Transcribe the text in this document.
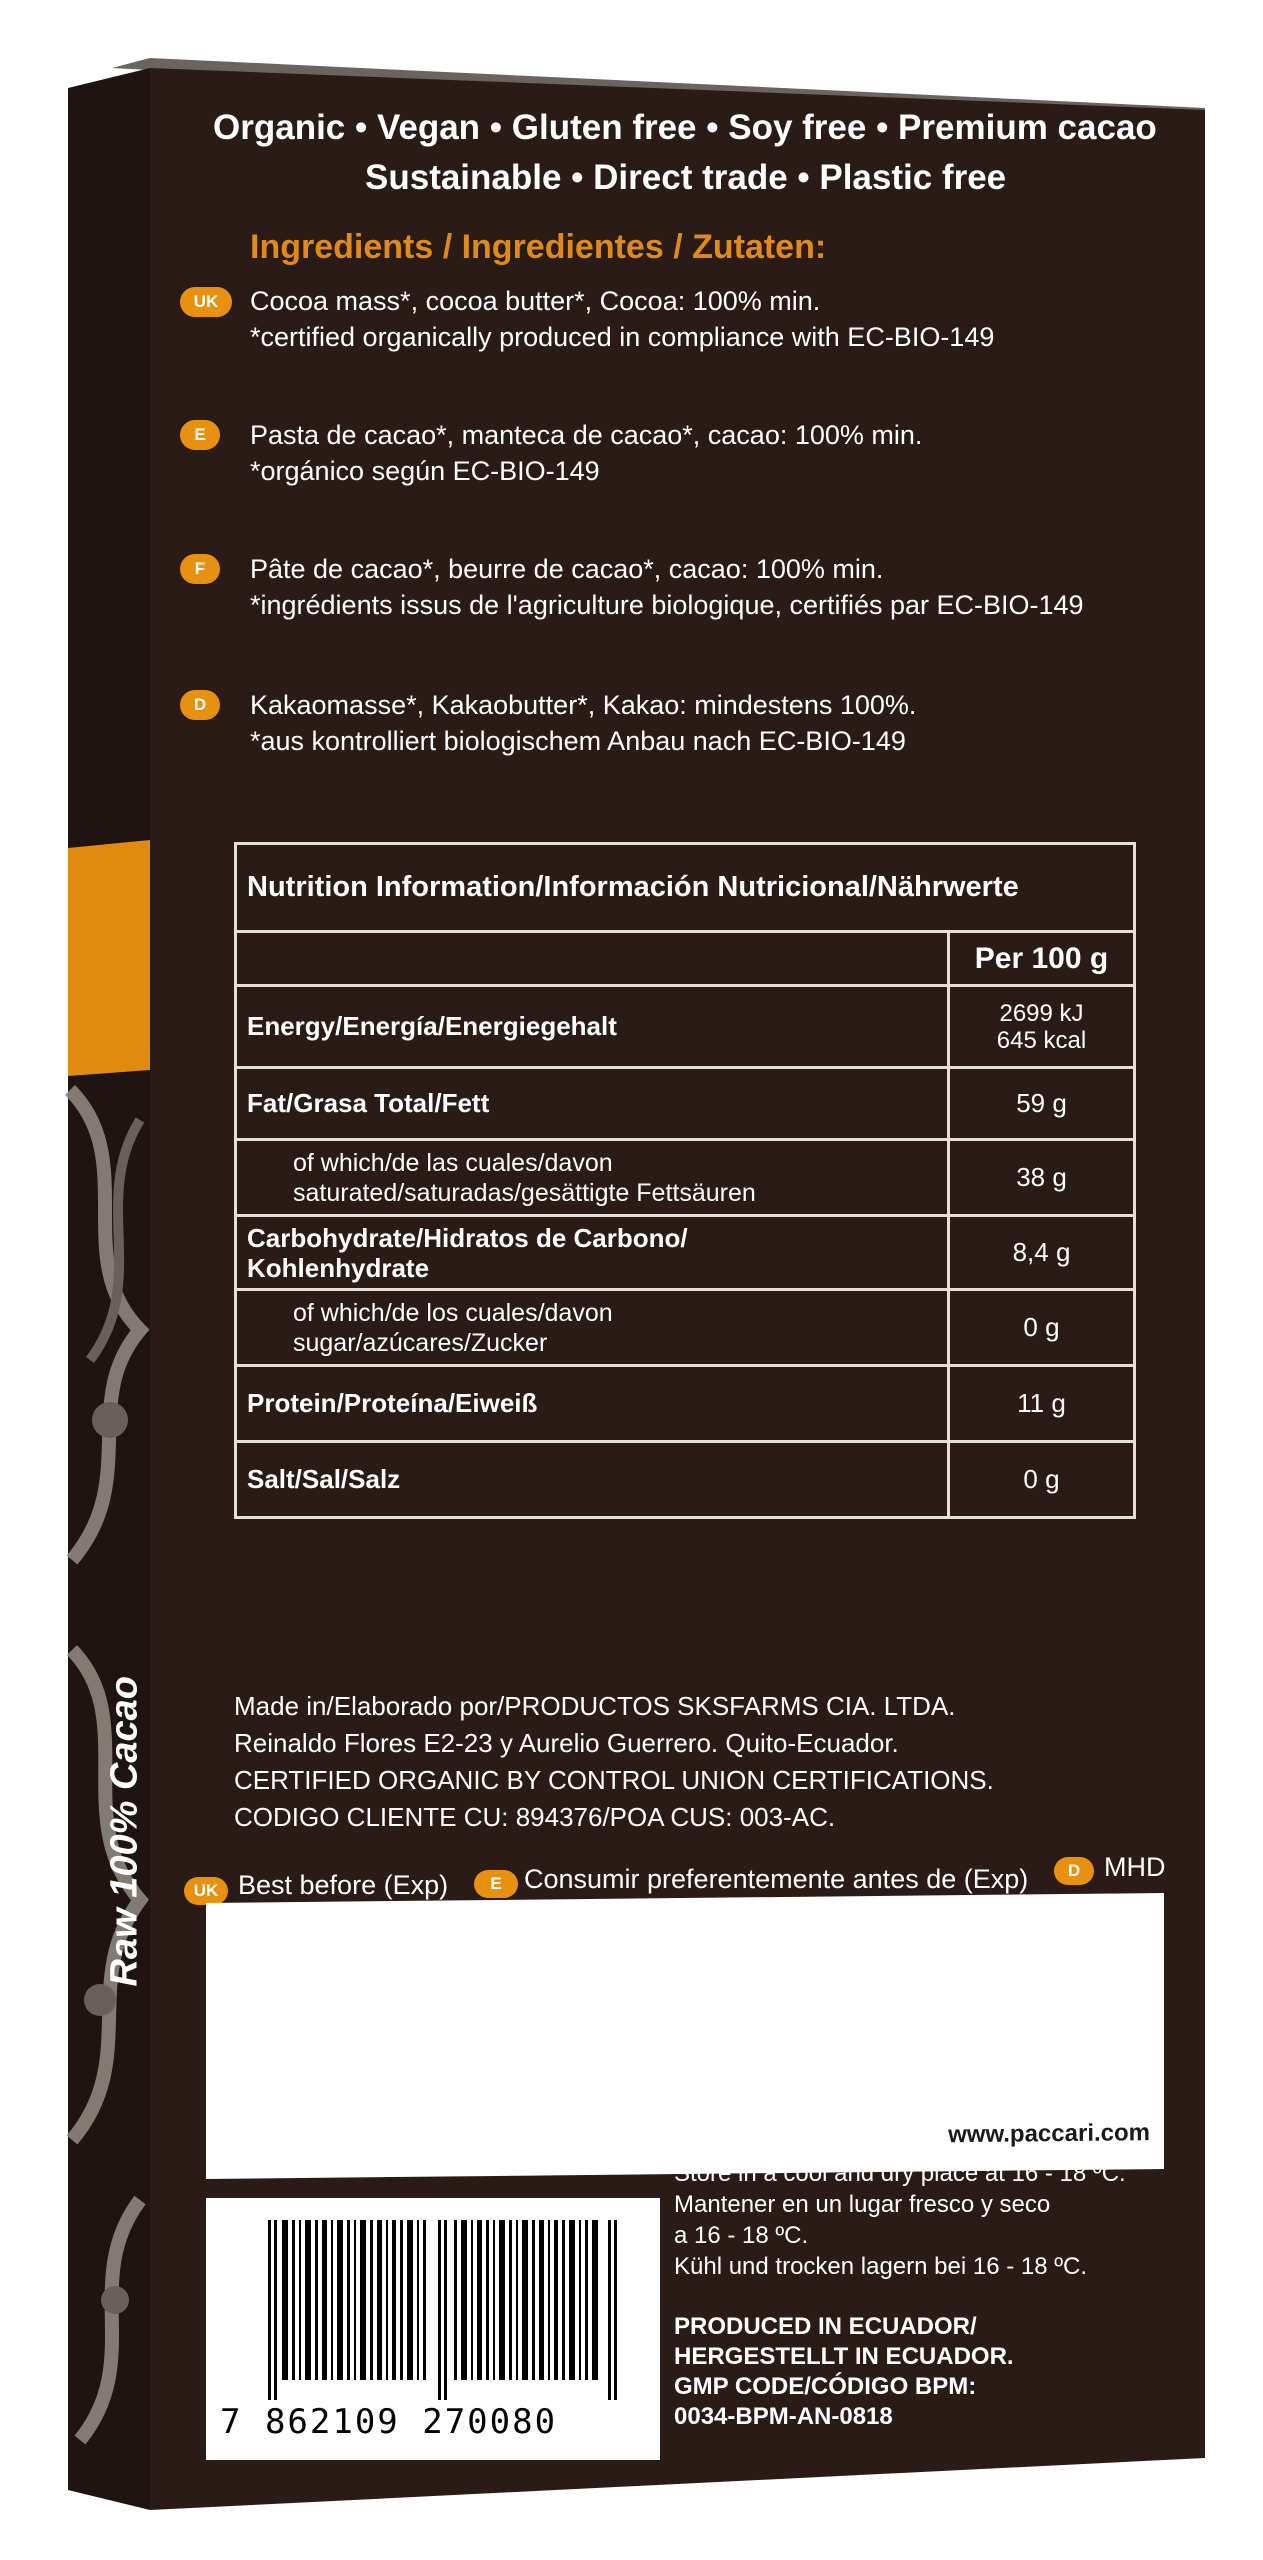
Raw 100% Cacao
Organic • Vegan • Gluten free • Soy free • Premium cacao
Sustainable • Direct trade • Plastic free
Ingredients / Ingredientes / Zutaten:
UK	Cocoa mass*, cocoa butter*, Cocoa: 100% min.
*certified organically produced in compliance with EC-BIO-149
E	Pasta de cacao*, manteca de cacao*, cacao: 100% min.
*orgánico según EC-BIO-149
F	Pâte de cacao*, beurre de cacao*, cacao: 100% min.
*ingrédients issus de l'agriculture biologique, certifiés par EC-BIO-149
D	Kakaomasse*, Kakaobutter*, Kakao: mindestens 100%.
*aus kontrolliert biologischem Anbau nach EC-BIO-149
Nutrition Information/Información Nutricional/Nährwerte	
	Per 100 g
Energy/Energía/Energiegehalt	2699 kJ
645 kcal

Fat/Grasa Total/Fett	59 g

of which/de las cuales/davon
saturated/saturadas/gesättigte Fettsäuren	38 g

Carbohydrate/Hidratos de Carbono/
Kohlenhydrate	8,4 g

of which/de los cuales/davon
sugar/azúcares/Zucker	0 g
Protein/Proteína/Eiweiß	11 g
Salt/Sal/Salz	0 g
Made in/Elaborado por/PRODUCTOS SKSFARMS CIA. LTDA.
Reinaldo Flores E2-23 y Aurelio Guerrero. Quito-Ecuador.
CERTIFIED ORGANIC BY CONTROL UNION CERTIFICATIONS.
CODIGO CLIENTE CU: 894376/POA CUS: 003-AC.
UK Best before (Exp)	E Consumir preferentemente antes de (Exp)	D MHD
www.paccari.com
7 862109 270080
Store in a cool and dry place at 16 - 18 ºC.
Mantener en un lugar fresco y seco
a 16 - 18 ºC.
Kühl und trocken lagern bei 16 - 18 ºC.
PRODUCED IN ECUADOR/
HERGESTELLT IN ECUADOR.
GMP CODE/CÓDIGO BPM:
0034-BPM-AN-0818
